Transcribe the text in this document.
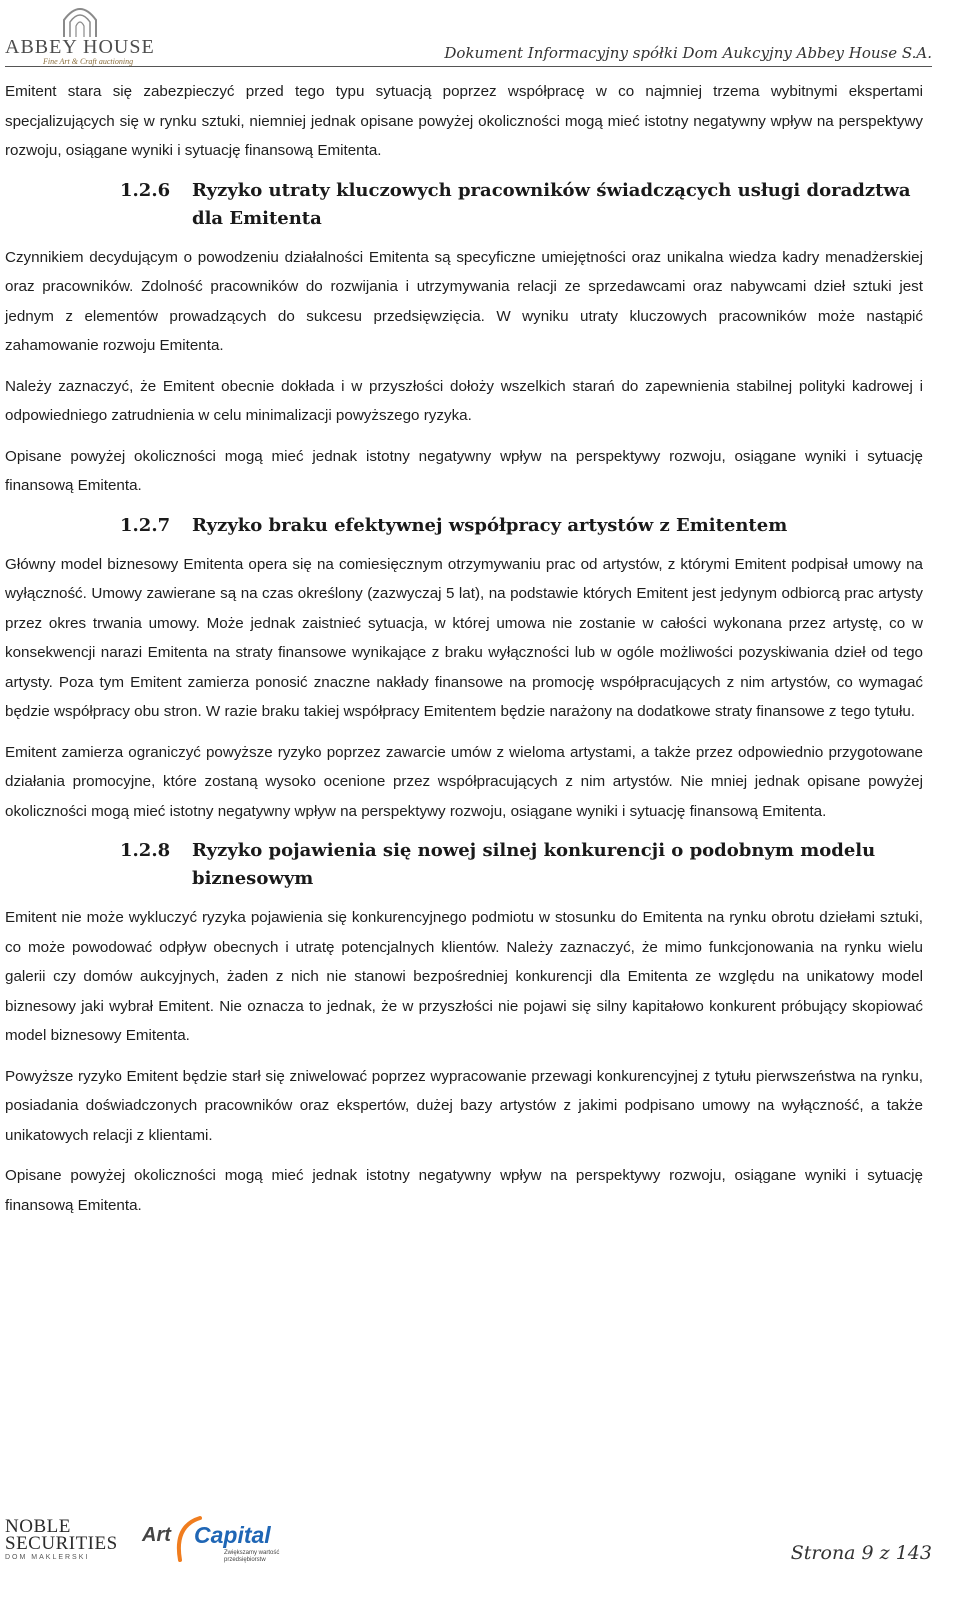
ABBEY HOUSE
Fine Art & Craft auctioning	Dokument Informacyjny spółki Dom Aukcyjny Abbey House S.A.

Emitent stara się zabezpieczyć przed tego typu sytuacją poprzez współpracę w co najmniej trzema wybitnymi ekspertami specjalizujących się w rynku sztuki, niemniej jednak opisane powyżej okoliczności mogą mieć istotny negatywny wpływ na perspektywy rozwoju, osiągane wyniki i sytuację finansową Emitenta.

1.2.6	Ryzyko utraty kluczowych pracowników świadczących usługi doradztwa dla Emitenta

Czynnikiem decydującym o powodzeniu działalności Emitenta są specyficzne umiejętności oraz unikalna wiedza kadry menadżerskiej oraz pracowników. Zdolność pracowników do rozwijania i utrzymywania relacji ze sprzedawcami oraz nabywcami dzieł sztuki jest jednym z elementów prowadzących do sukcesu przedsięwzięcia. W wyniku utraty kluczowych pracowników może nastąpić zahamowanie rozwoju Emitenta.

Należy zaznaczyć, że Emitent obecnie dokłada i w przyszłości dołoży wszelkich starań do zapewnienia stabilnej polityki kadrowej i odpowiedniego zatrudnienia w celu minimalizacji powyższego ryzyka.

Opisane powyżej okoliczności mogą mieć jednak istotny negatywny wpływ na perspektywy rozwoju, osiągane wyniki i sytuację finansową Emitenta.

1.2.7	Ryzyko braku efektywnej współpracy artystów z Emitentem

Główny model biznesowy Emitenta opera się na comiesięcznym otrzymywaniu prac od artystów, z którymi Emitent podpisał umowy na wyłączność. Umowy zawierane są na czas określony (zazwyczaj 5 lat), na podstawie których Emitent jest jedynym odbiorcą prac artysty przez okres trwania umowy. Może jednak zaistnieć sytuacja, w której umowa nie zostanie w całości wykonana przez artystę, co w konsekwencji narazi Emitenta na straty finansowe wynikające z braku wyłączności lub w ogóle możliwości pozyskiwania dzieł od tego artysty. Poza tym Emitent zamierza ponosić znaczne nakłady finansowe na promocję współpracujących z nim artystów, co wymagać będzie współpracy obu stron. W razie braku takiej współpracy Emitentem będzie narażony na dodatkowe straty finansowe z tego tytułu.

Emitent zamierza ograniczyć powyższe ryzyko poprzez zawarcie umów z wieloma artystami, a także przez odpowiednio przygotowane działania promocyjne, które zostaną wysoko ocenione przez współpracujących z nim artystów. Nie mniej jednak opisane powyżej okoliczności mogą mieć istotny negatywny wpływ na perspektywy rozwoju, osiągane wyniki i sytuację finansową Emitenta.

1.2.8	Ryzyko pojawienia się nowej silnej konkurencji o podobnym modelu biznesowym

Emitent nie może wykluczyć ryzyka pojawienia się konkurencyjnego podmiotu w stosunku do Emitenta na rynku obrotu dziełami sztuki, co może powodować odpływ obecnych i utratę potencjalnych klientów. Należy zaznaczyć, że mimo funkcjonowania na rynku wielu galerii czy domów aukcyjnych, żaden z nich nie stanowi bezpośredniej konkurencji dla Emitenta ze względu na unikatowy model biznesowy jaki wybrał Emitent. Nie oznacza to jednak, że w przyszłości nie pojawi się silny kapitałowo konkurent próbujący skopiować model biznesowy Emitenta.

Powyższe ryzyko Emitent będzie starł się zniwelować poprzez wypracowanie przewagi konkurencyjnej z tytułu pierwszeństwa na rynku, posiadania doświadczonych pracowników oraz ekspertów, dużej bazy artystów z jakimi podpisano umowy na wyłączność, a także unikatowych relacji z klientami.

Opisane powyżej okoliczności mogą mieć jednak istotny negatywny wpływ na perspektywy rozwoju, osiągane wyniki i sytuację finansową Emitenta.

NOBLE
SECURITIES
DOM MAKLERSKI
Art Capital
Zwiększamy wartość przedsiębiorstw	Strona 9 z 143
